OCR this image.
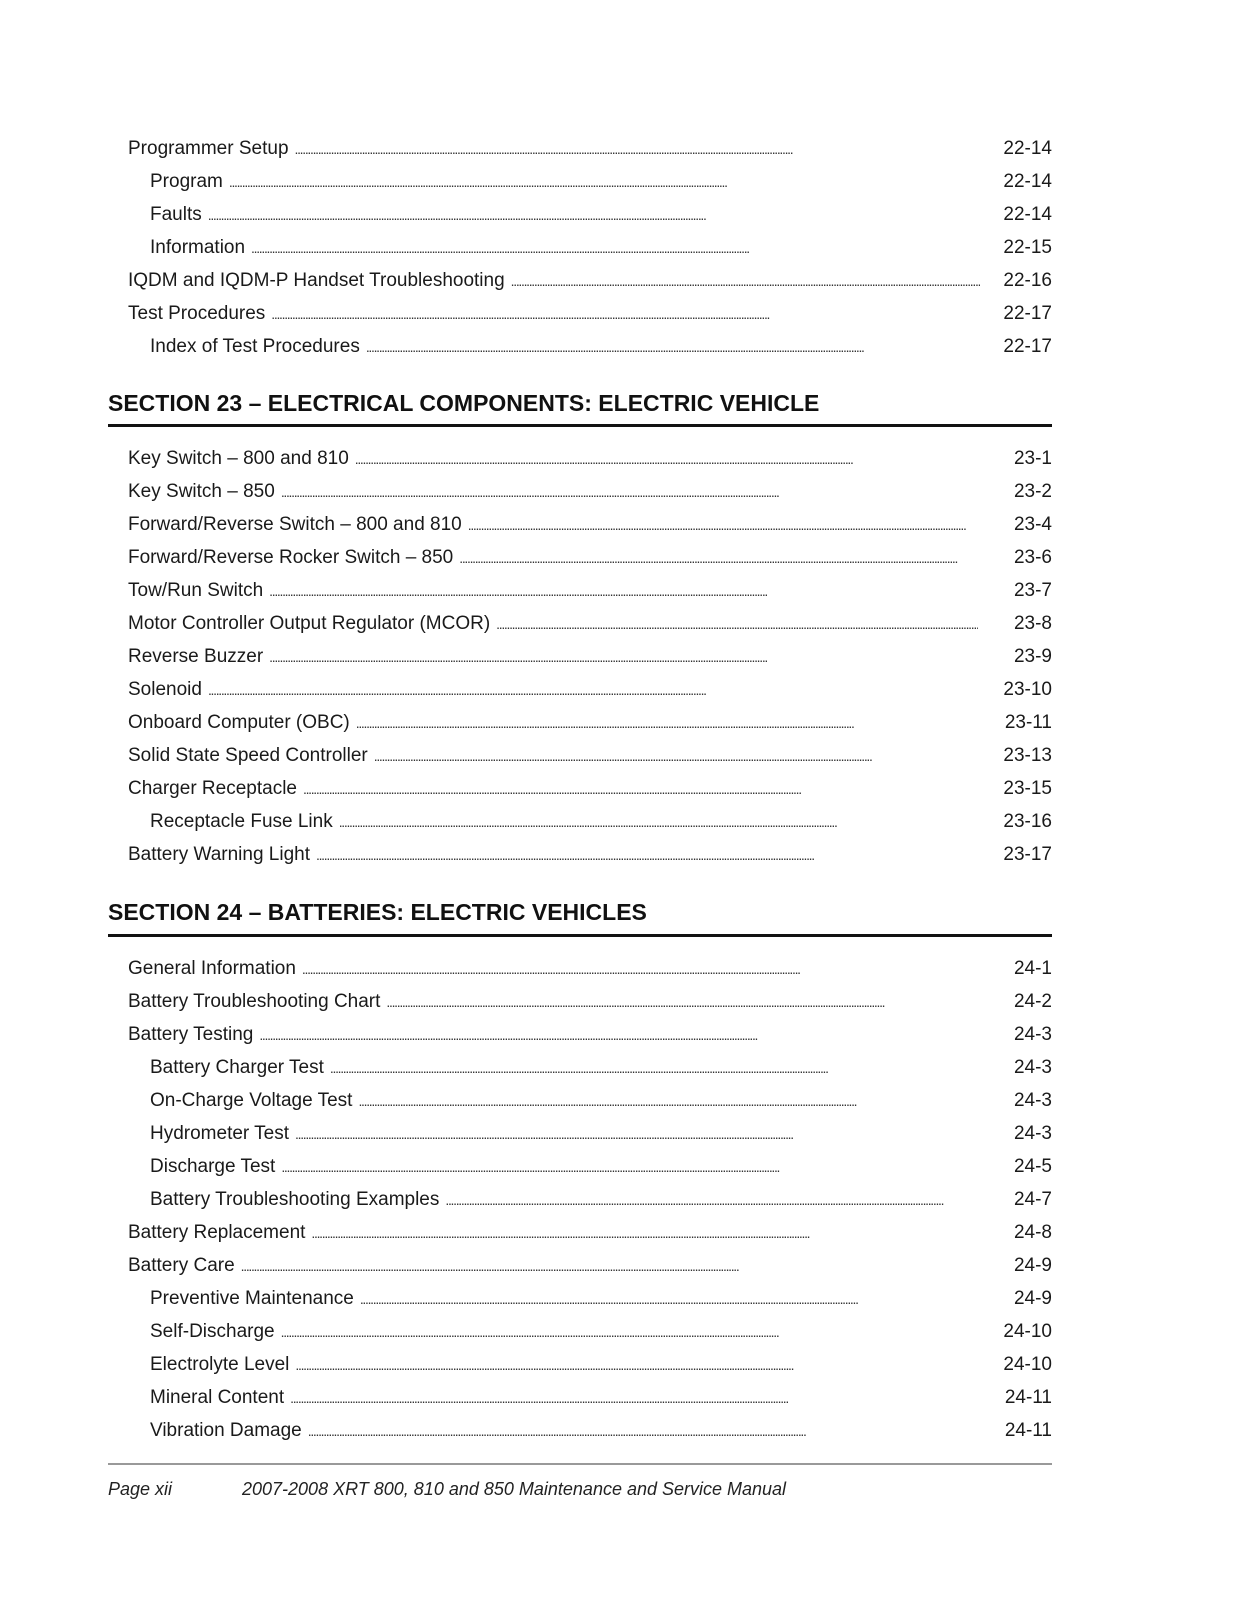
Programmer Setup . . .	22-14
Program . . .	22-14
Faults . . .	22-14
Information . . .	22-15
IQDM and IQDM-P Handset Troubleshooting . . .	22-16
Test Procedures . . .	22-17
Index of Test Procedures . . .	22-17
SECTION 23 – ELECTRICAL COMPONENTS: ELECTRIC VEHICLE
Key Switch – 800 and 810 . . .	23-1
Key Switch – 850 . . .	23-2
Forward/Reverse Switch – 800 and 810 . . .	23-4
Forward/Reverse Rocker Switch – 850 . . .	23-6
Tow/Run Switch . . .	23-7
Motor Controller Output Regulator (MCOR) . . .	23-8
Reverse Buzzer . . .	23-9
Solenoid . . .	23-10
Onboard Computer (OBC) . . .	23-11
Solid State Speed Controller . . .	23-13
Charger Receptacle . . .	23-15
Receptacle Fuse Link . . .	23-16
Battery Warning Light . . .	23-17
SECTION 24 – BATTERIES: ELECTRIC VEHICLES
General Information . . .	24-1
Battery Troubleshooting Chart . . .	24-2
Battery Testing . . .	24-3
Battery Charger Test . . .	24-3
On-Charge Voltage Test . . .	24-3
Hydrometer Test . . .	24-3
Discharge Test . . .	24-5
Battery Troubleshooting Examples . . .	24-7
Battery Replacement . . .	24-8
Battery Care . . .	24-9
Preventive Maintenance . . .	24-9
Self-Discharge . . .	24-10
Electrolyte Level . . .	24-10
Mineral Content . . .	24-11
Vibration Damage . . .	24-11
Page xii	2007-2008 XRT 800, 810 and 850 Maintenance and Service Manual
